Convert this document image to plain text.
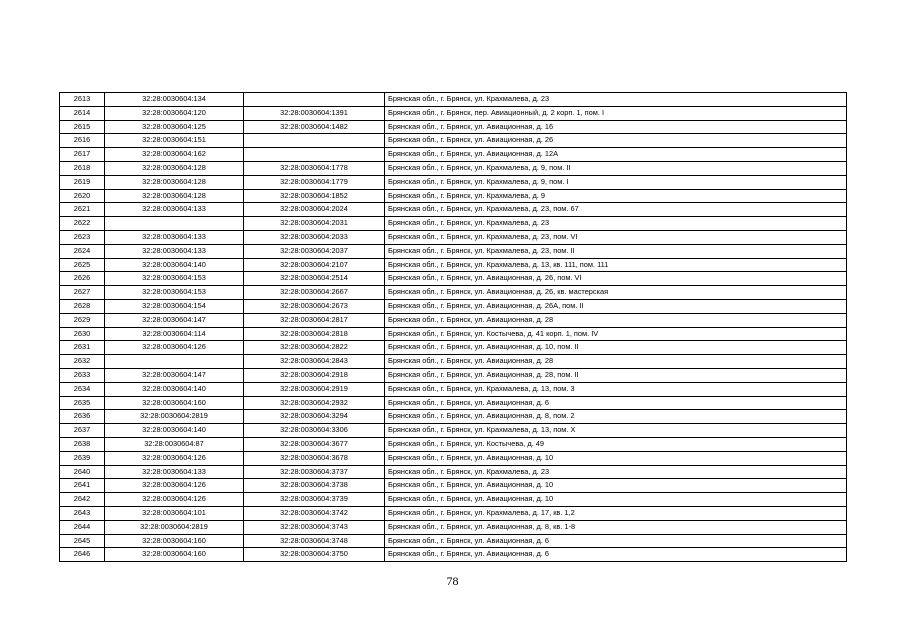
2613	32:28:0030604:134		Брянская обл., г. Брянск, ул. Крахмалева, д. 23
2614	32:28:0030604:120	32:28:0030604:1391	Брянская обл., г. Брянск, пер. Авиационный, д. 2 корп. 1, пом. I
2615	32:28:0030604:125	32:28:0030604:1482	Брянская обл., г. Брянск, ул. Авиационная, д. 16
2616	32:28:0030604:151		Брянская обл., г. Брянск, ул. Авиационная, д. 26
2617	32:28:0030604:162		Брянская обл., г. Брянск, ул. Авиационная, д. 12А
2618	32:28:0030604:128	32:28:0030604:1778	Брянская обл., г. Брянск, ул. Крахмалева, д. 9, пом. II
2619	32:28:0030604:128	32:28:0030604:1779	Брянская обл., г. Брянск, ул. Крахмалева, д. 9, пом. I
2620	32:28:0030604:128	32:28:0030604:1852	Брянская обл., г. Брянск, ул. Крахмалева, д. 9
2621	32:28:0030604:133	32:28:0030604:2024	Брянская обл., г. Брянск, ул. Крахмалева, д. 23, пом. 67
2622		32:28:0030604:2031	Брянская обл., г. Брянск, ул. Крахмалева, д. 23
2623	32:28:0030604:133	32:28:0030604:2033	Брянская обл., г. Брянск, ул. Крахмалева, д. 23, пом. VI
2624	32:28:0030604:133	32:28:0030604:2037	Брянская обл., г. Брянск, ул. Крахмалева, д. 23, пом. II
2625	32:28:0030604:140	32:28:0030604:2107	Брянская обл., г. Брянск, ул. Крахмалева, д. 13, кв. 111, пом. 111
2626	32:28:0030604:153	32:28:0030604:2514	Брянская обл., г. Брянск, ул. Авиационная, д. 26, пом. VI
2627	32:28:0030604:153	32:28:0030604:2667	Брянская обл., г. Брянск, ул. Авиационная, д. 26, кв. мастерская
2628	32:28:0030604:154	32:28:0030604:2673	Брянская обл., г. Брянск, ул. Авиационная, д. 26А, пом. II
2629	32:28:0030604:147	32:28:0030604:2817	Брянская обл., г. Брянск, ул. Авиационная, д. 28
2630	32:28:0030604:114	32:28:0030604:2818	Брянская обл., г. Брянск, ул. Костычева, д. 41 корп. 1, пом. IV
2631	32:28:0030604:126	32:28:0030604:2822	Брянская обл., г. Брянск, ул. Авиационная, д. 10, пом. II
2632		32:28:0030604:2843	Брянская обл., г. Брянск, ул. Авиационная, д. 28
2633	32:28:0030604:147	32:28:0030604:2918	Брянская обл., г. Брянск, ул. Авиационная, д. 28, пом. II
2634	32:28:0030604:140	32:28:0030604:2919	Брянская обл., г. Брянск, ул. Крахмалева, д. 13, пом. 3
2635	32:28:0030604:160	32:28:0030604:2932	Брянская обл., г. Брянск, ул. Авиационная, д. 6
2636	32:28:0030604:2819	32:28:0030604:3294	Брянская обл., г. Брянск, ул. Авиационная, д. 8, пом. 2
2637	32:28:0030604:140	32:28:0030604:3306	Брянская обл., г. Брянск, ул. Крахмалева, д. 13, пом. X
2638	32:28:0030604:87	32:28:0030604:3677	Брянская обл., г. Брянск, ул. Костычева, д. 49
2639	32:28:0030604:126	32:28:0030604:3678	Брянская обл., г. Брянск, ул. Авиационная, д. 10
2640	32:28:0030604:133	32:28:0030604:3737	Брянская обл., г. Брянск, ул. Крахмалева, д. 23
2641	32:28:0030604:126	32:28:0030604:3738	Брянская обл., г. Брянск, ул. Авиационная, д. 10
2642	32:28:0030604:126	32:28:0030604:3739	Брянская обл., г. Брянск, ул. Авиационная, д. 10
2643	32:28:0030604:101	32:28:0030604:3742	Брянская обл., г. Брянск, ул. Крахмалева, д. 17, кв. 1,2
2644	32:28:0030604:2819	32:28:0030604:3743	Брянская обл., г. Брянск, ул. Авиационная, д. 8, кв. 1-8
2645	32:28:0030604:160	32:28:0030604:3748	Брянская обл., г. Брянск, ул. Авиационная, д. 6
2646	32:28:0030604:160	32:28:0030604:3750	Брянская обл., г. Брянск, ул. Авиационная, д. 6
78
